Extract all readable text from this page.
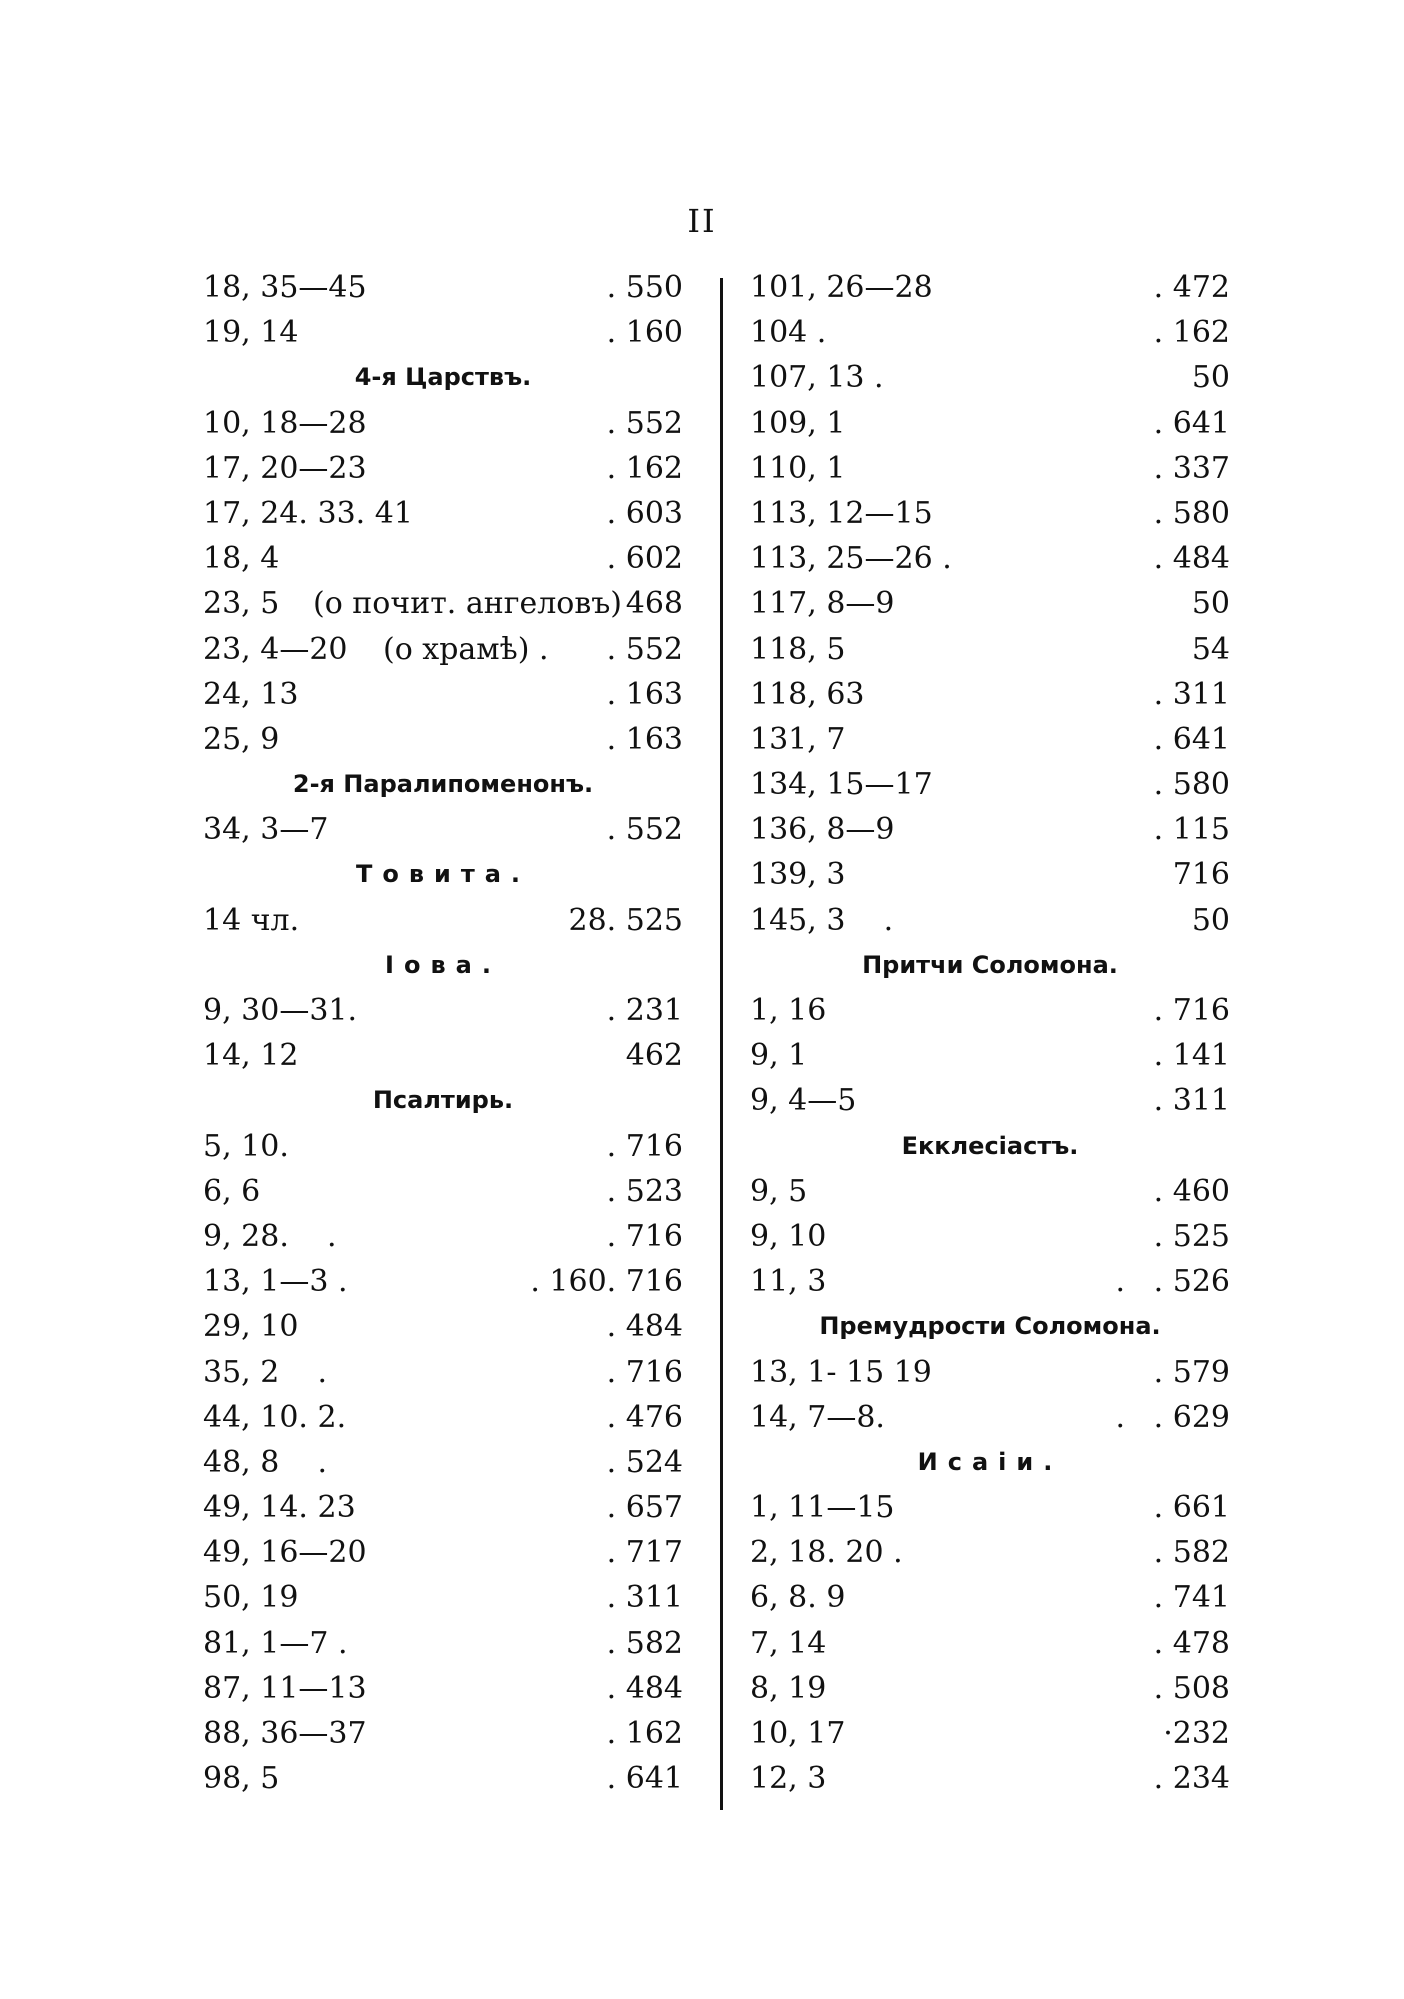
II
18, 35—45	. 550
19, 14	. 160
4-я Царствъ.
10, 18—28	. 552
17, 20—23	. 162
17, 24. 33. 41	. 603
18, 4	. 602
23, 5 (о почит. ангеловъ) 468
23, 4—20 (о храмѣ) . . 552
24, 13	. 163
25, 9	. 163
2-я Паралипоменонъ.
34, 3—7	. 552
Товита.
14 чл.	28. 525
Іова.
9, 30—31.	. 231
14, 12	462
Псалтирь.
5, 10.	. 716
6, 6	. 523
9, 28.    .	. 716
13, 1—3 .	. 160. 716
29, 10	. 484
35, 2    .	. 716
44, 10. 2.	. 476
48, 8    .	. 524
49, 14. 23	. 657
49, 16—20	. 717
50, 19	. 311
81, 1—7 .	. 582
87, 11—13	. 484
88, 36—37	. 162
98, 5	. 641
101, 26—28	. 472
104 .	. 162
107, 13 .	50
109, 1	. 641
110, 1	. 337
113, 12—15	. 580
113, 25—26 .	. 484
117, 8—9	50
118, 5	54
118, 63	. 311
131, 7	. 641
134, 15—17	. 580
136, 8—9	. 115
139, 3	716
145, 3    .	50
Притчи Соломона.
1, 16	. 716
9, 1	. 141
9, 4—5	. 311
Екклесіастъ.
9, 5	. 460
9, 10	. 525
11, 3	.   . 526
Премудрости Соломона.
13, 1- 15 19	. 579
14, 7—8.	.   . 629
Исаіи.
1, 11—15	. 661
2, 18. 20 .	. 582
6, 8. 9	. 741
7, 14	. 478
8, 19	. 508
10, 17	·232
12, 3	. 234
